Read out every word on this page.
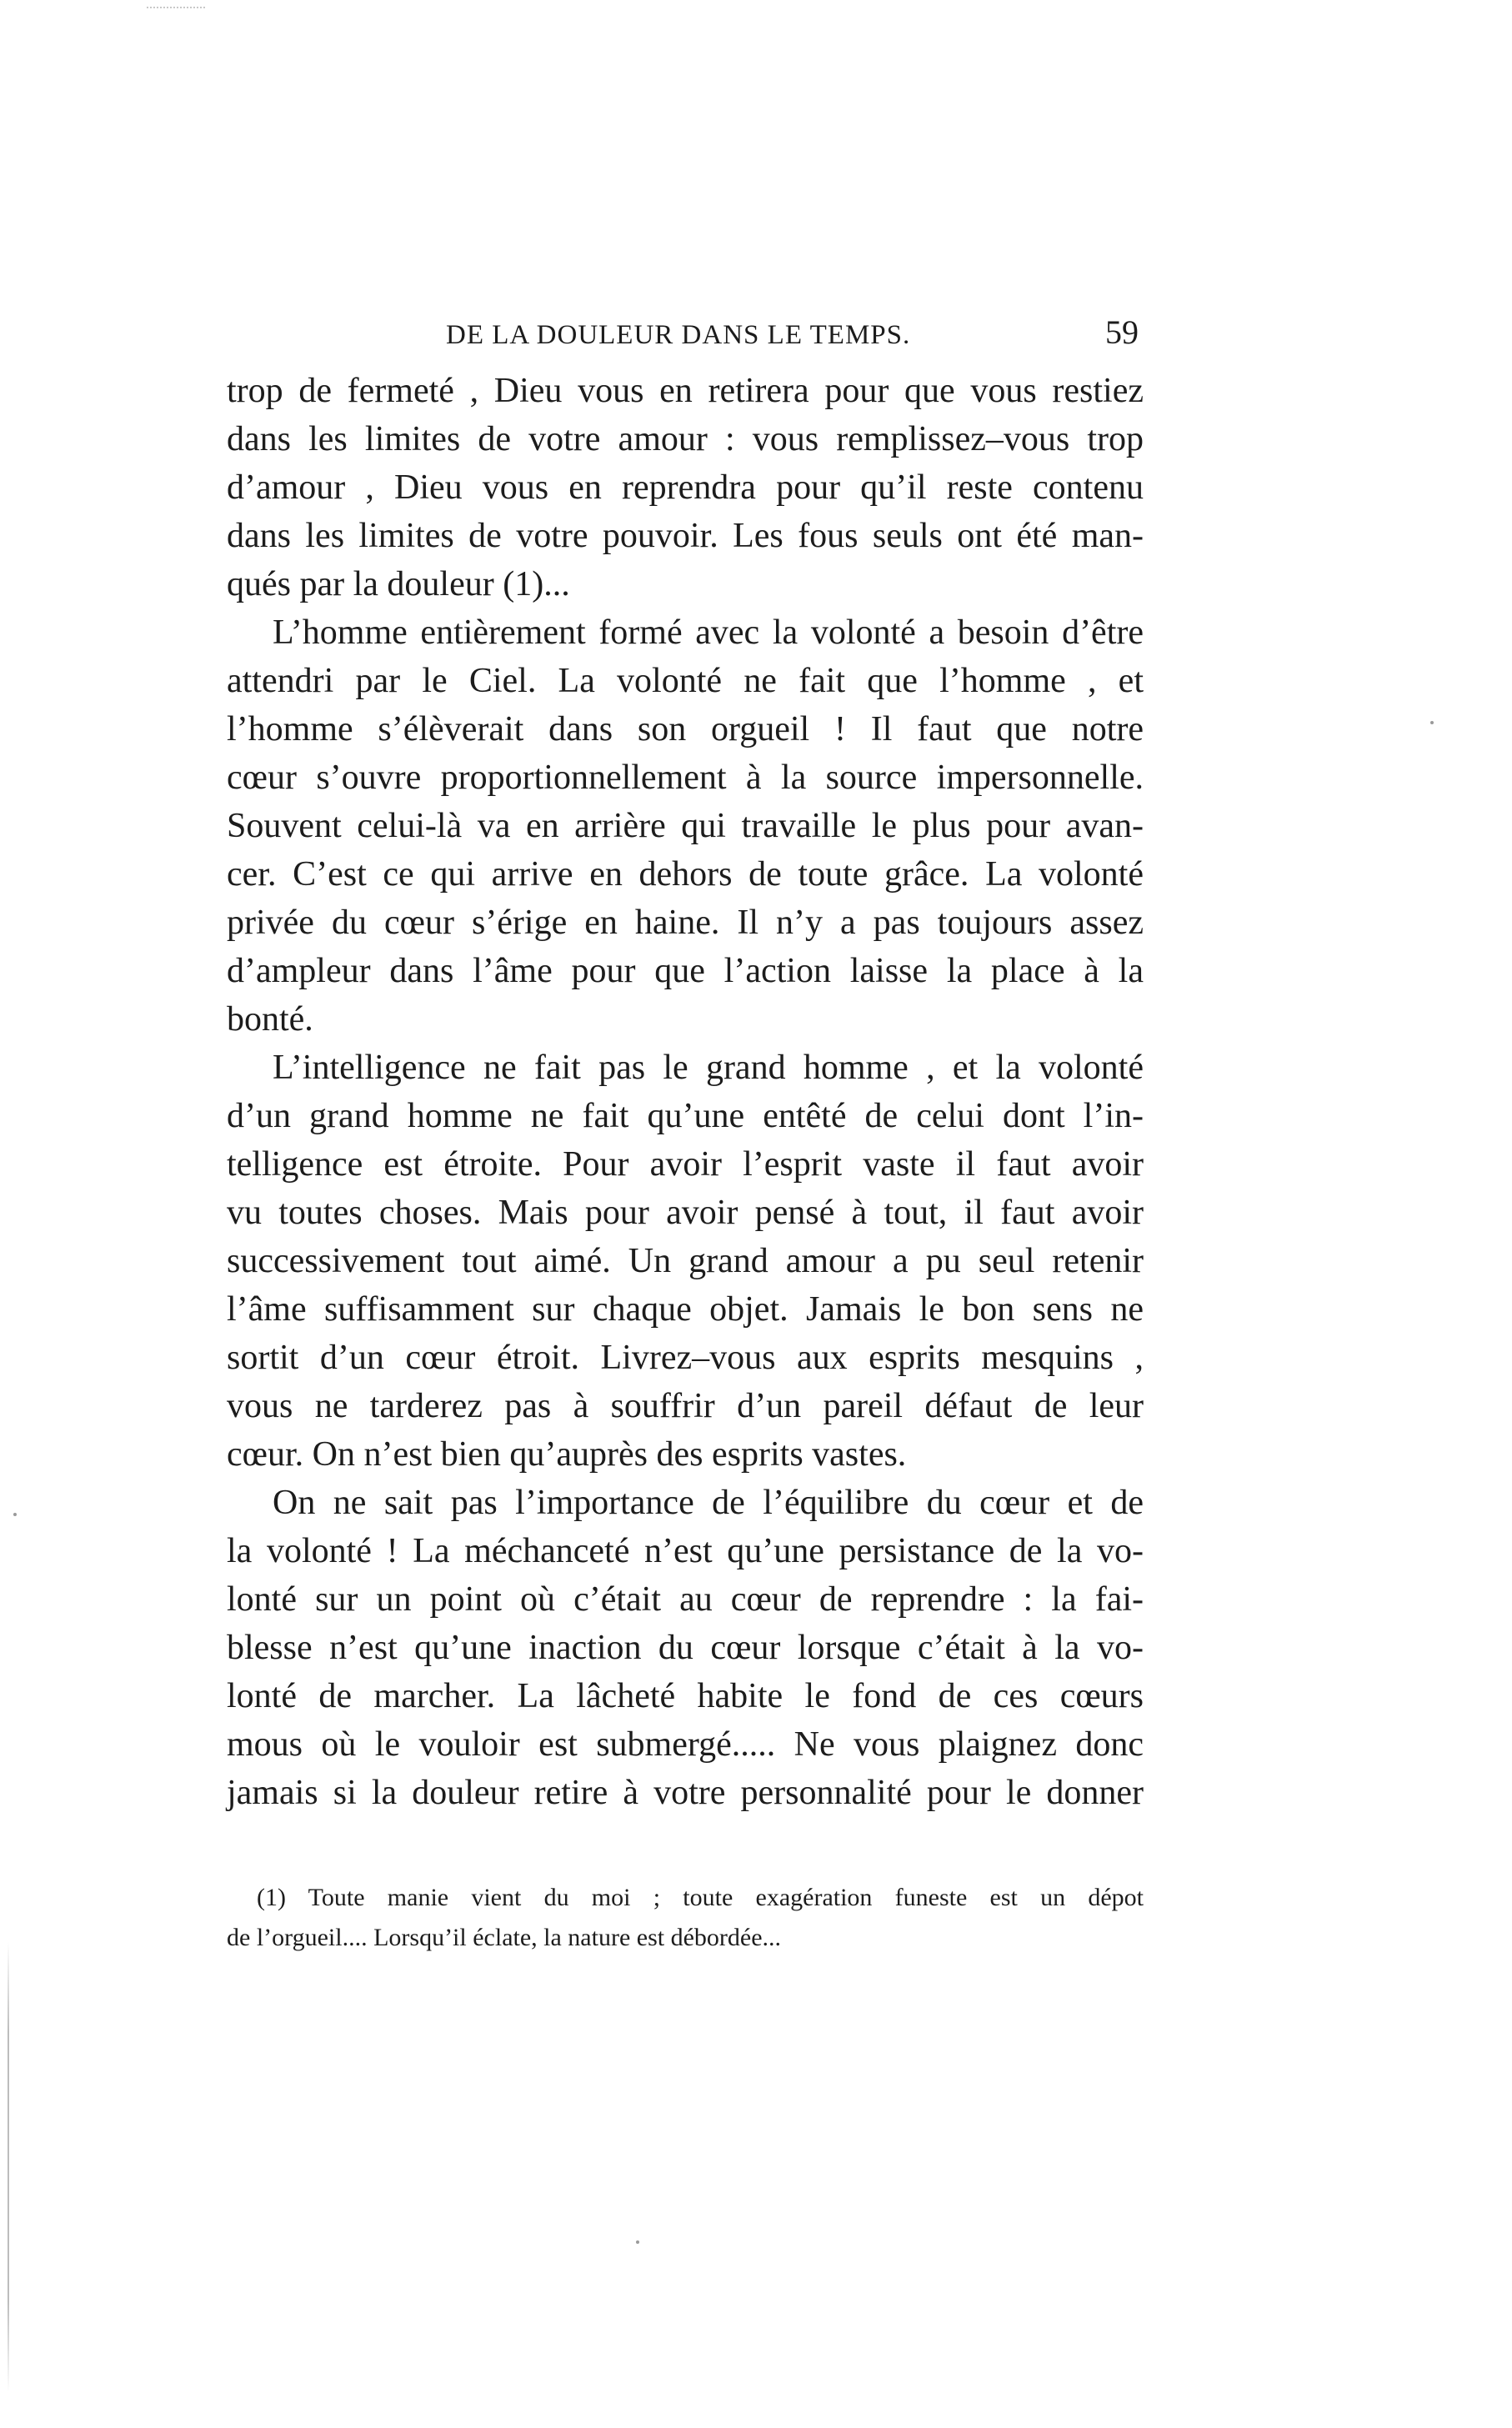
DE LA DOULEUR DANS LE TEMPS.	59
trop de fermeté , Dieu vous en retirera pour que vous restiez
dans les limites de votre amour : vous remplissez–vous trop
d’amour , Dieu vous en reprendra pour qu’il reste contenu
dans les limites de votre pouvoir. Les fous seuls ont été man-
qués par la douleur (1)...
L’homme entièrement formé avec la volonté a besoin d’être
attendri par le Ciel. La volonté ne fait que l’homme , et
l’homme s’élèverait dans son orgueil ! Il faut que notre
cœur s’ouvre proportionnellement à la source impersonnelle.
Souvent celui-là va en arrière qui travaille le plus pour avan-
cer. C’est ce qui arrive en dehors de toute grâce. La volonté
privée du cœur s’érige en haine. Il n’y a pas toujours assez
d’ampleur dans l’âme pour que l’action laisse la place à la
bonté.
L’intelligence ne fait pas le grand homme , et la volonté
d’un grand homme ne fait qu’une entêté de celui dont l’in-
telligence est étroite. Pour avoir l’esprit vaste il faut avoir
vu toutes choses. Mais pour avoir pensé à tout, il faut avoir
successivement tout aimé. Un grand amour a pu seul retenir
l’âme suffisamment sur chaque objet. Jamais le bon sens ne
sortit d’un cœur étroit. Livrez–vous aux esprits mesquins ,
vous ne tarderez pas à souffrir d’un pareil défaut de leur
cœur. On n’est bien qu’auprès des esprits vastes.
On ne sait pas l’importance de l’équilibre du cœur et de
la volonté ! La méchanceté n’est qu’une persistance de la vo-
lonté sur un point où c’était au cœur de reprendre : la fai-
blesse n’est qu’une inaction du cœur lorsque c’était à la vo-
lonté de marcher. La lâcheté habite le fond de ces cœurs
mous où le vouloir est submergé..... Ne vous plaignez donc
jamais si la douleur retire à votre personnalité pour le donner
(1) Toute manie vient du moi ; toute exagération funeste est un dépot
de l’orgueil.... Lorsqu’il éclate, la nature est débordée...
